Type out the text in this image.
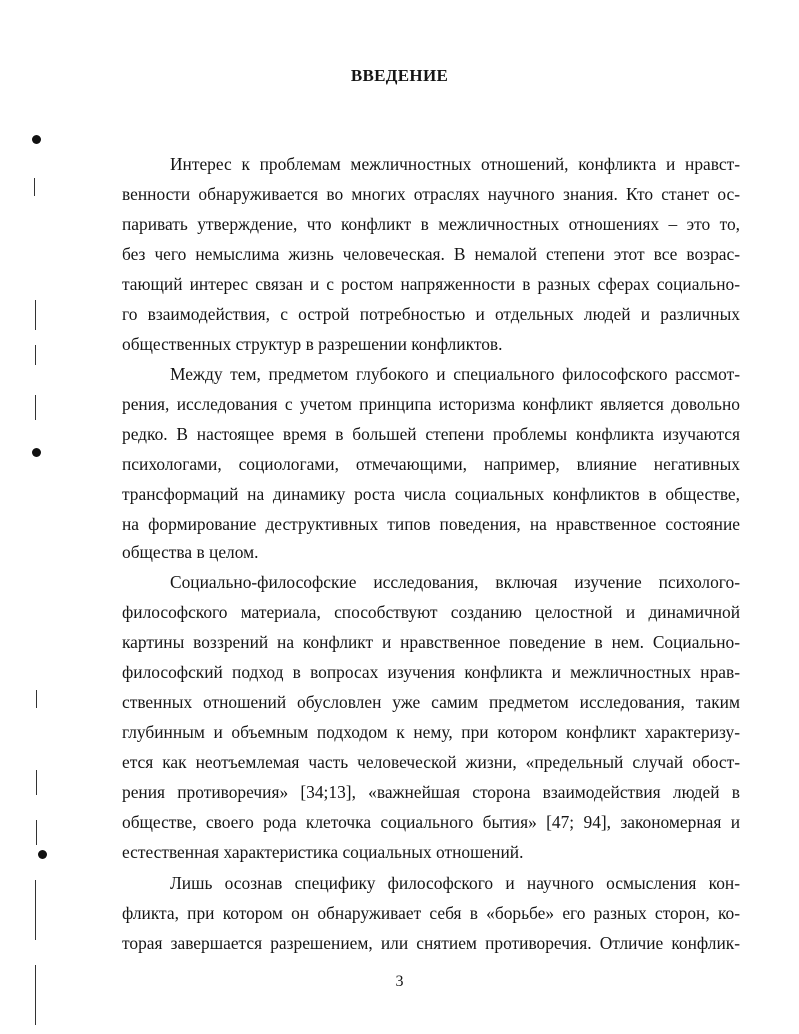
ВВЕДЕНИЕ
Интерес к проблемам межличностных отношений, конфликта и нравст-
венности обнаруживается во многих отраслях научного знания. Кто станет ос-
паривать утверждение, что конфликт в межличностных отношениях – это то,
без чего немыслима жизнь человеческая. В немалой степени этот все возрас-
тающий интерес связан и с ростом напряженности в разных сферах социально-
го взаимодействия, с острой потребностью и отдельных людей и различных
общественных структур в разрешении конфликтов.
Между тем, предметом глубокого и специального философского рассмот-
рения, исследования с учетом принципа историзма конфликт является довольно
редко. В настоящее время в большей степени проблемы конфликта изучаются
психологами, социологами, отмечающими, например, влияние негативных
трансформаций на динамику роста числа социальных конфликтов в обществе,
на формирование деструктивных типов поведения, на нравственное состояние
общества в целом.
Социально-философские исследования, включая изучение психолого-
философского материала, способствуют созданию целостной и динамичной
картины воззрений на конфликт и нравственное поведение в нем. Социально-
философский подход в вопросах изучения конфликта и межличностных нрав-
ственных отношений обусловлен уже самим предметом исследования, таким
глубинным и объемным подходом к нему, при котором конфликт характеризу-
ется как неотъемлемая часть человеческой жизни, «предельный случай обост-
рения противоречия» [34;13], «важнейшая сторона взаимодействия людей в
обществе, своего рода клеточка социального бытия» [47; 94], закономерная и
естественная характеристика социальных отношений.
Лишь осознав специфику философского и научного осмысления кон-
фликта, при котором он обнаруживает себя в «борьбе» его разных сторон, ко-
торая завершается разрешением, или снятием противоречия. Отличие конфлик-
3
